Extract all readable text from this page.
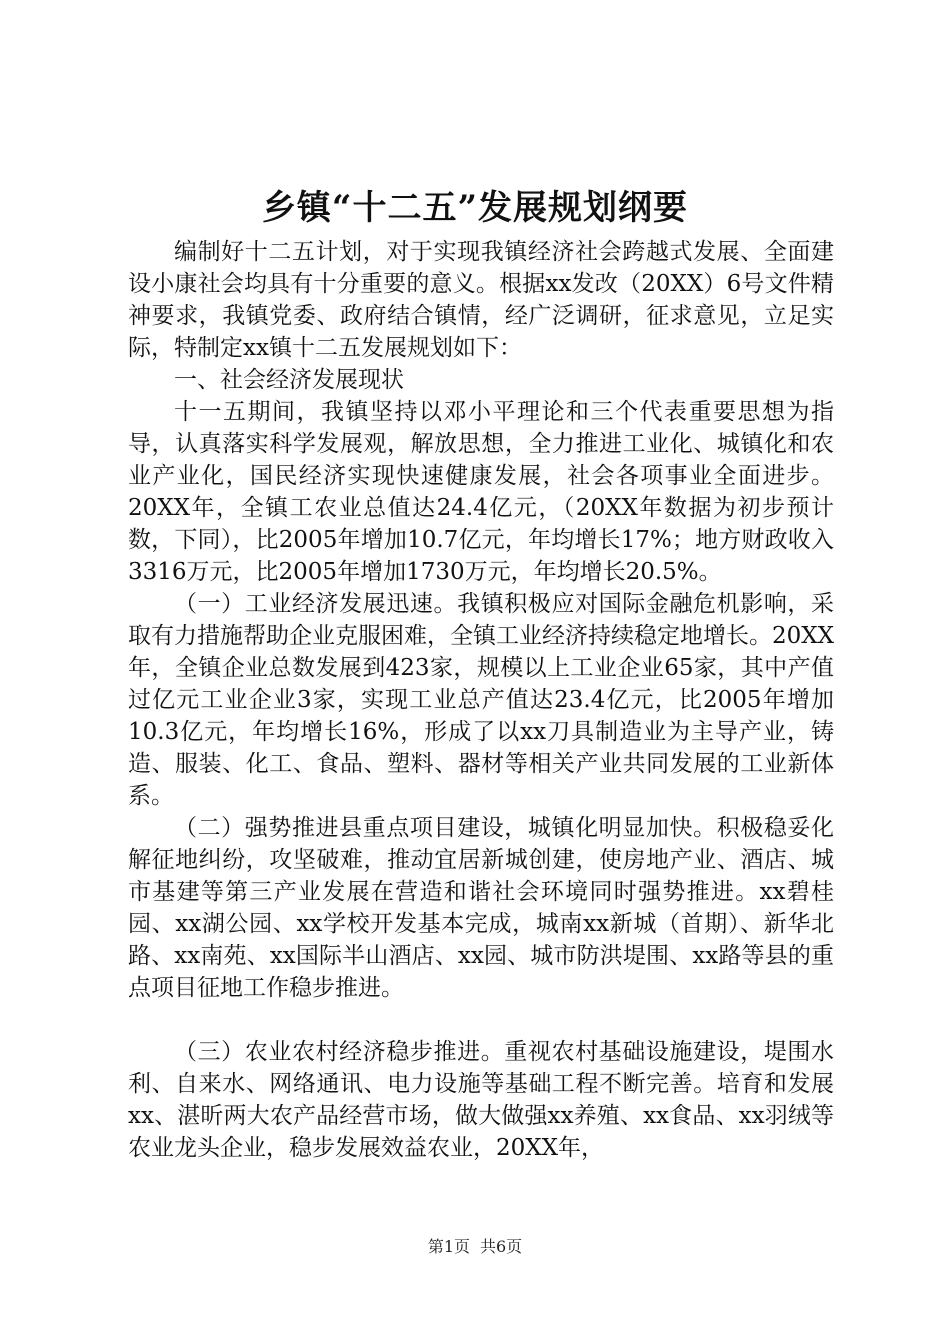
乡镇“十二五”发展规划纲要

编制好十二五计划，对于实现我镇经济社会跨越式发展、全面建设小康社会均具有十分重要的意义。根据xx发改（20XX）6号文件精神要求，我镇党委、政府结合镇情，经广泛调研，征求意见，立足实际，特制定xx镇十二五发展规划如下：

一、社会经济发展现状

十一五期间，我镇坚持以邓小平理论和三个代表重要思想为指导，认真落实科学发展观，解放思想，全力推进工业化、城镇化和农业产业化，国民经济实现快速健康发展，社会各项事业全面进步。20XX年，全镇工农业总值达24.4亿元，（20XX年数据为初步预计数，下同），比2005年增加10.7亿元，年均增长17%；地方财政收入3316万元，比2005年增加1730万元，年均增长20.5%。

（一）工业经济发展迅速。我镇积极应对国际金融危机影响，采取有力措施帮助企业克服困难，全镇工业经济持续稳定地增长。20XX年，全镇企业总数发展到423家，规模以上工业企业65家，其中产值过亿元工业企业3家，实现工业总产值达23.4亿元，比2005年增加10.3亿元，年均增长16%，形成了以xx刀具制造业为主导产业，铸造、服装、化工、食品、塑料、器材等相关产业共同发展的工业新体系。

（二）强势推进县重点项目建设，城镇化明显加快。积极稳妥化解征地纠纷，攻坚破难，推动宜居新城创建，使房地产业、酒店、城市基建等第三产业发展在营造和谐社会环境同时强势推进。xx碧桂园、xx湖公园、xx学校开发基本完成，城南xx新城（首期）、新华北路、xx南苑、xx国际半山酒店、xx园、城市防洪堤围、xx路等县的重点项目征地工作稳步推进。

（三）农业农村经济稳步推进。重视农村基础设施建设，堤围水利、自来水、网络通讯、电力设施等基础工程不断完善。培育和发展xx、湛昕两大农产品经营市场，做大做强xx养殖、xx食品、xx羽绒等农业龙头企业，稳步发展效益农业，20XX年，

第1页 共6页
